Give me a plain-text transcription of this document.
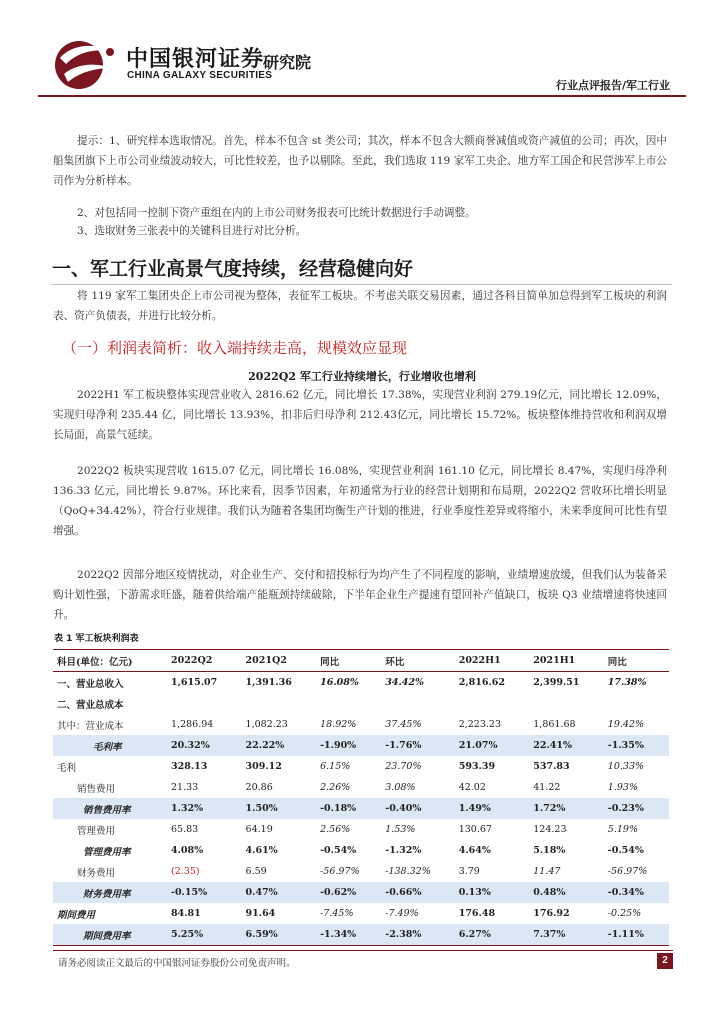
中国银河证券
CHINA GALAXY SECURITIES
研究院
行业点评报告/军工行业

提示：1、研究样本选取情况。首先，样本不包含 st 类公司；其次，样本不包含大额商誉减值或资产减值的公司；再次，因中船集团旗下上市公司业绩波动较大，可比性较差，也予以剔除。至此，我们选取 119 家军工央企、地方军工国企和民营涉军上市公司作为分析样本。

2、对包括同一控制下资产重组在内的上市公司财务报表可比统计数据进行手动调整。

3、选取财务三张表中的关键科目进行对比分析。

一、军工行业高景气度持续，经营稳健向好

将 119 家军工集团央企上市公司视为整体，表征军工板块。不考虑关联交易因素，通过各科目简单加总得到军工板块的利润表、资产负债表，并进行比较分析。

（一）利润表简析：收入端持续走高，规模效应显现
2022Q2 军工行业持续增长，行业增收也增利

2022H1 军工板块整体实现营业收入 2816.62 亿元，同比增长 17.38%，实现营业利润 279.19亿元，同比增长 12.09%，实现归母净利 235.44 亿，同比增长 13.93%，扣非后归母净利 212.43亿元，同比增长 15.72%。板块整体维持营收和利润双增长局面，高景气延续。

2022Q2 板块实现营收 1615.07 亿元，同比增长 16.08%，实现营业利润 161.10 亿元，同比增长 8.47%，实现归母净利 136.33 亿元，同比增长 9.87%。环比来看，因季节因素，年初通常为行业的经营计划期和布局期，2022Q2 营收环比增长明显（QoQ+34.42%），符合行业规律。我们认为随着各集团均衡生产计划的推进，行业季度性差异或将缩小，未来季度间可比性有望增强。

2022Q2 因部分地区疫情扰动，对企业生产、交付和招投标行为均产生了不同程度的影响，业绩增速放缓，但我们认为装备采购计划性强，下游需求旺盛，随着供给端产能瓶颈持续破除，下半年企业生产提速有望回补产值缺口，板块 Q3 业绩增速将快速回升。

表 1 军工板块利润表
科目(单位：亿元)	2022Q2	2021Q2	同比	环比	2022H1	2021H1	同比
一、营业总收入	1,615.07	1,391.36	16.08%	34.42%	2,816.62	2,399.51	17.38%
二、营业总成本							
其中：营业成本	1,286.94	1,082.23	18.92%	37.45%	2,223.23	1,861.68	19.42%
毛利率	20.32%	22.22%	-1.90%	-1.76%	21.07%	22.41%	-1.35%
毛利	328.13	309.12	6.15%	23.70%	593.39	537.83	10.33%
销售费用	21.33	20.86	2.26%	3.08%	42.02	41.22	1.93%
销售费用率	1.32%	1.50%	-0.18%	-0.40%	1.49%	1.72%	-0.23%
管理费用	65.83	64.19	2.56%	1.53%	130.67	124.23	5.19%
管理费用率	4.08%	4.61%	-0.54%	-1.32%	4.64%	5.18%	-0.54%
财务费用	(2.35)	6.59	-56.97%	-138.32%	3.79	11.47	-56.97%
财务费用率	-0.15%	0.47%	-0.62%	-0.66%	0.13%	0.48%	-0.34%
期间费用	84.81	91.64	-7.45%	-7.49%	176.48	176.92	-0.25%
期间费用率	5.25%	6.59%	-1.34%	-2.38%	6.27%	7.37%	-1.11%
请务必阅读正文最后的中国银河证券股份公司免责声明。	2
